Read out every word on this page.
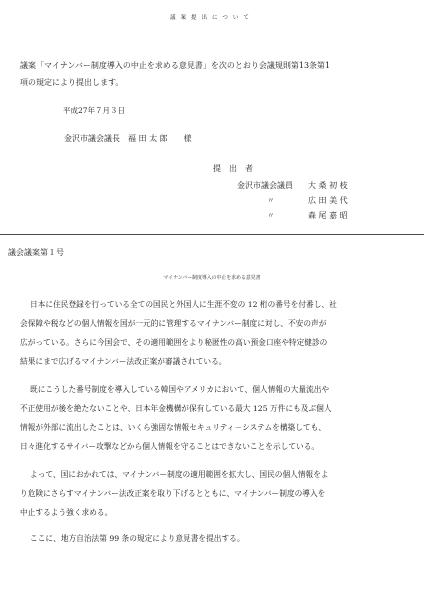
議案提出について

議案「マイナンバー制度導入の中止を求める意見書」を次のとおり会議規則第13条第1

項の規定により提出します。

平成27年７月３日

金沢市議会議長　福 田 太 郎　　様

提　出　者

金沢市議会議員 大 桑 初 枝

〃	広 田 美 代

〃	森 尾 嘉 昭

議会議案第１号

マイナンバー制度導入の中止を求める意見書

日本に住民登録を行っている全ての国民と外国人に生涯不変の 12 桁の番号を付番し、社

会保障や税などの個人情報を国が一元的に管理するマイナンバー制度に対し、不安の声が

広がっている。さらに今国会で、その適用範囲をより秘匿性の高い預金口座や特定健診の

結果にまで広げるマイナンバー法改正案が審議されている。

既にこうした番号制度を導入している韓国やアメリカにおいて、個人情報の大量流出や

不正使用が後を絶たないことや、日本年金機構が保有している最大 125 万件にも及ぶ個人

情報が外部に流出したことは、いくら強固な情報セキュリティ－システムを構築しても、

日々進化するサイバー攻撃などから個人情報を守ることはできないことを示している。

よって、国におかれては、マイナンバー制度の適用範囲を拡大し、国民の個人情報をよ

り危険にさらすマイナンバー法改正案を取り下げるとともに、マイナンバー制度の導入を

中止するよう強く求める。

ここに、地方自治法第 99 条の規定により意見書を提出する。
